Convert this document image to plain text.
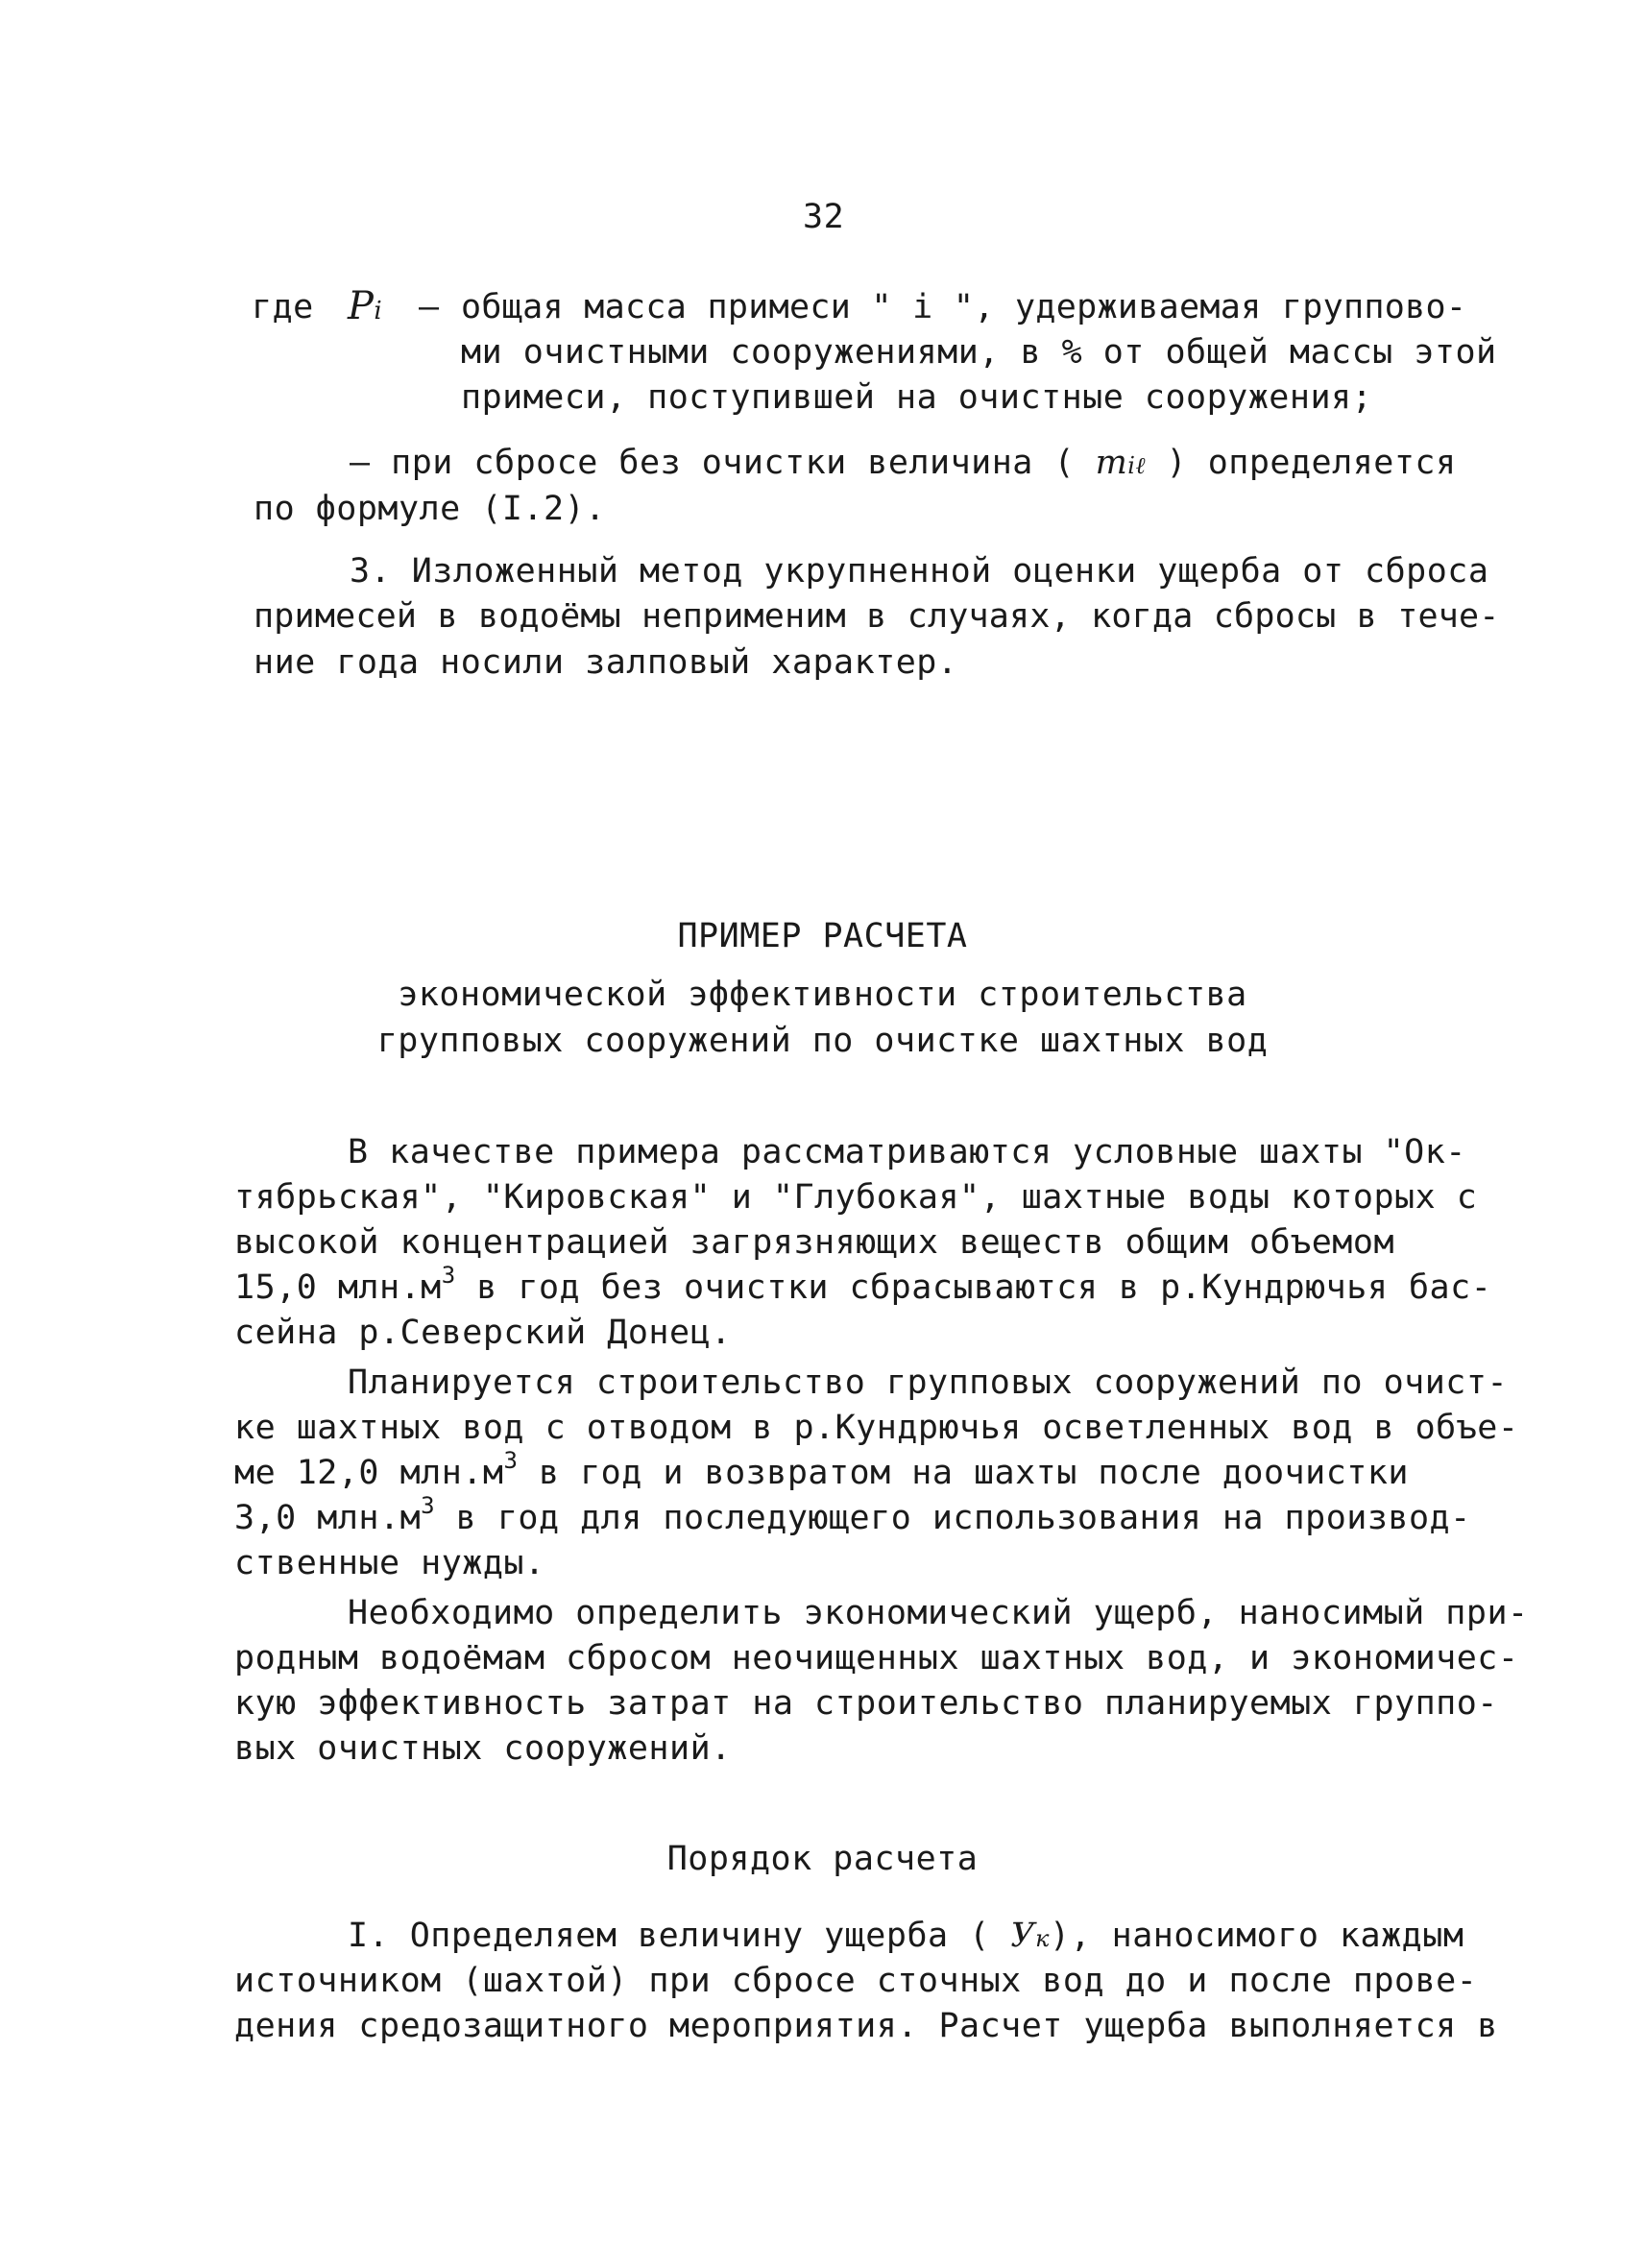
32
где Pi – общая масса примеси " i ", удерживаемая группово-
ми очистными сооружениями, в % от общей массы этой
примеси, поступившей на очистные сооружения;
– при сбросе без очистки величина ( miℓ ) определяется
по формуле (I.2).
3. Изложенный метод укрупненной оценки ущерба от сброса
примесей в водоёмы неприменим в случаях, когда сбросы в тече-
ние года носили залповый характер.
ПРИМЕР РАСЧЕТА
экономической эффективности строительства
групповых сооружений по очистке шахтных вод
В качестве примера рассматриваются условные шахты "Ок-
тябрьская", "Кировская" и "Глубокая", шахтные воды которых с
высокой концентрацией загрязняющих веществ общим объемом
15,0 $млн.м^3$ в год без очистки сбрасываются в р.Кундрючья бас-
сейна р.Северский Донец.
Планируется строительство групповых сооружений по очист-
ке шахтных вод с отводом в р.Кундрючья осветленных вод в объе-
ме 12,0 $млн.м^3$ в год и возвратом на шахты после доочистки
3,0 $млн.м^3$ в год для последующего использования на производ-
ственные нужды.
Необходимо определить экономический ущерб, наносимый при-
родным водоёмам сбросом неочищенных шахтных вод, и экономичес-
кую эффективность затрат на строительство планируемых группо-
вых очистных сооружений.
Порядок расчета
I. Определяем величину ущерба ( Ук), наносимого каждым
источником (шахтой) при сбросе сточных вод до и после прове-
дения средозащитного мероприятия. Расчет ущерба выполняется в
